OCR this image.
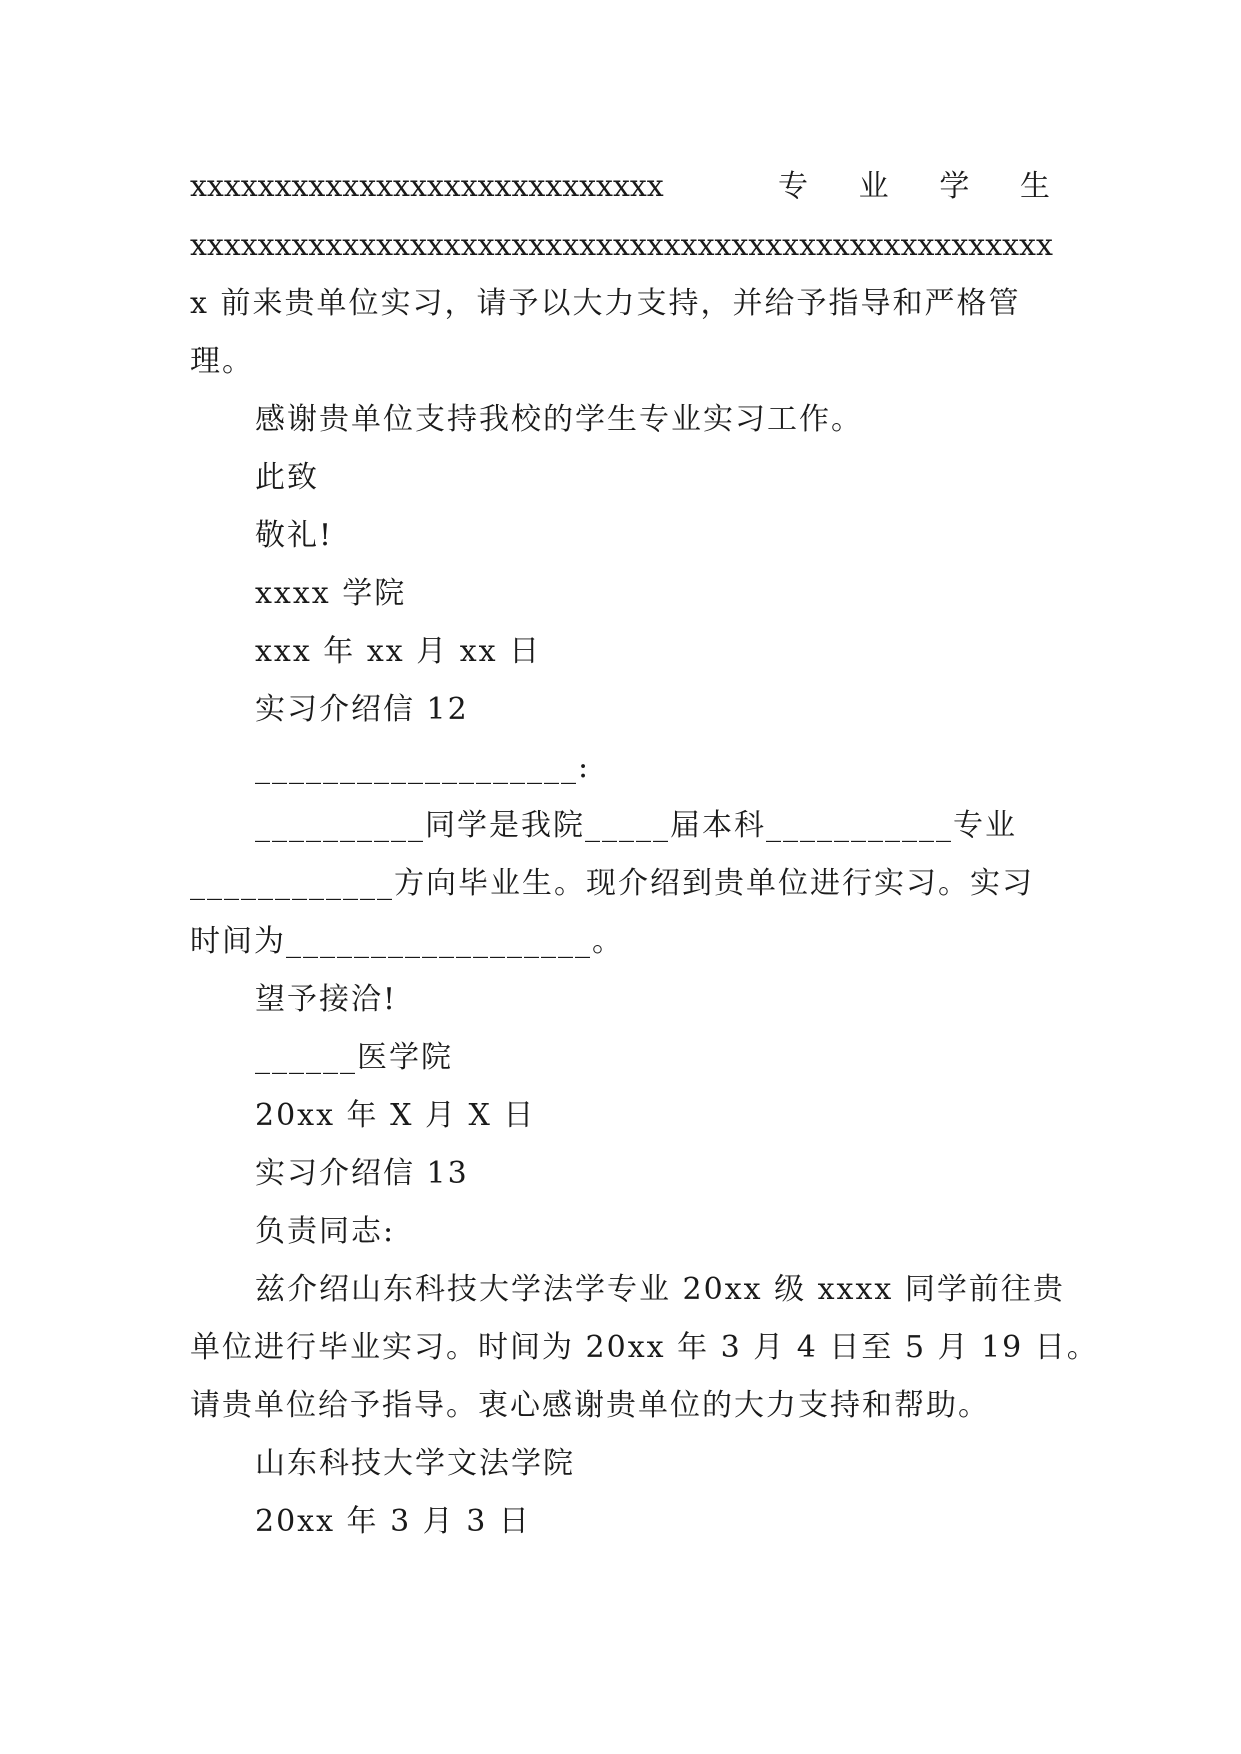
xxxxxxxxxxxxxxxxxxxxxxxxxxxx	专 业 学 生
xxxxxxxxxxxxxxxxxxxxxxxxxxxxxxxxxxxxxxxxxxxxxxxxxxx
x 前来贵单位实习，请予以大力支持，并给予指导和严格管
理。
感谢贵单位支持我校的学生专业实习工作。
此致
敬礼!
xxxx 学院
xxx 年 xx 月 xx 日
实习介绍信 12
___________________:
__________同学是我院_____届本科___________专业
____________方向毕业生。现介绍到贵单位进行实习。实习
时间为__________________。
望予接洽!
______医学院
20xx 年 X 月 X 日
实习介绍信 13
负责同志:
兹介绍山东科技大学法学专业 20xx 级 xxxx 同学前往贵
单位进行毕业实习。时间为 20xx 年 3 月 4 日至 5 月 19 日。
请贵单位给予指导。衷心感谢贵单位的大力支持和帮助。
山东科技大学文法学院
20xx 年 3 月 3 日
